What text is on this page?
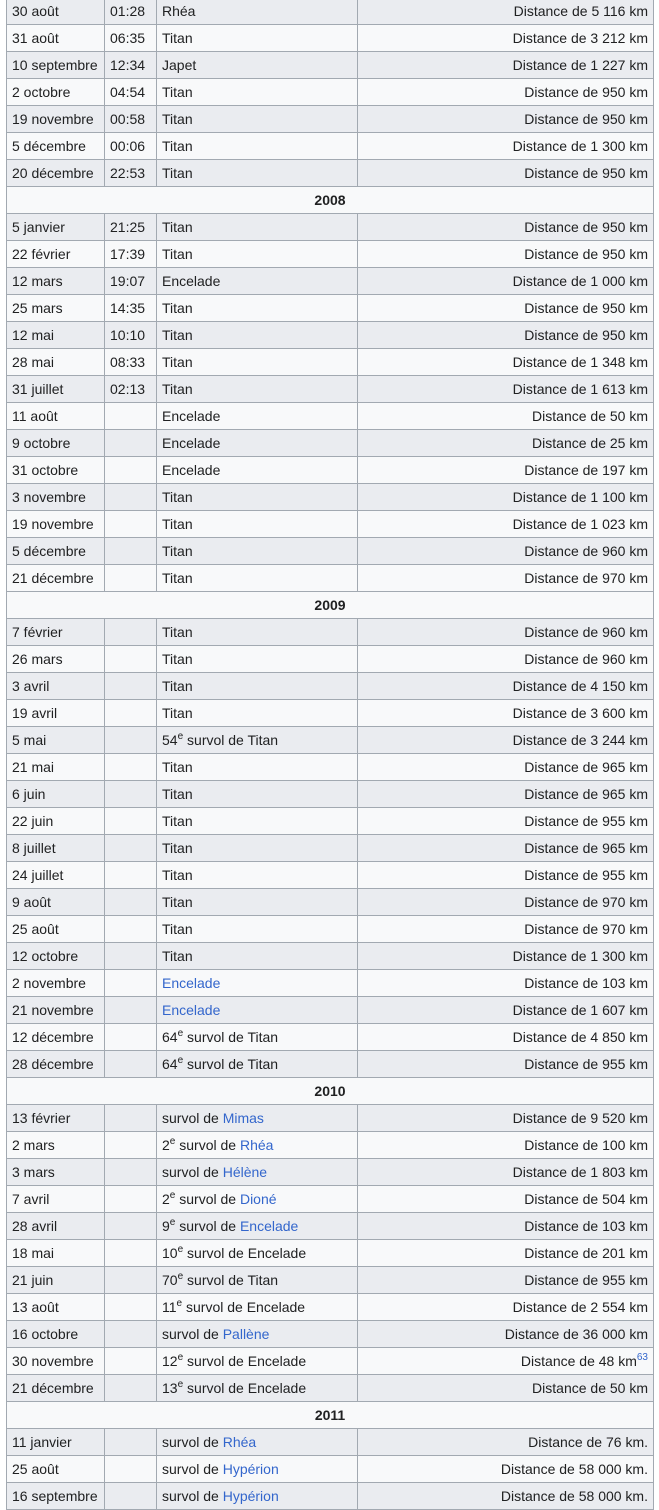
30 août	01:28	Rhéa	Distance de 5 116 km
31 août	06:35	Titan	Distance de 3 212 km
10 septembre	12:34	Japet	Distance de 1 227 km
2 octobre	04:54	Titan	Distance de 950 km
19 novembre	00:58	Titan	Distance de 950 km
5 décembre	00:06	Titan	Distance de 1 300 km
20 décembre	22:53	Titan	Distance de 950 km
2008			
5 janvier	21:25	Titan	Distance de 950 km
22 février	17:39	Titan	Distance de 950 km
12 mars	19:07	Encelade	Distance de 1 000 km
25 mars	14:35	Titan	Distance de 950 km
12 mai	10:10	Titan	Distance de 950 km
28 mai	08:33	Titan	Distance de 1 348 km
31 juillet	02:13	Titan	Distance de 1 613 km
11 août		Encelade	Distance de 50 km
9 octobre		Encelade	Distance de 25 km
31 octobre		Encelade	Distance de 197 km
3 novembre		Titan	Distance de 1 100 km
19 novembre		Titan	Distance de 1 023 km
5 décembre		Titan	Distance de 960 km
21 décembre		Titan	Distance de 970 km
2009			
7 février		Titan	Distance de 960 km
26 mars		Titan	Distance de 960 km
3 avril		Titan	Distance de 4 150 km
19 avril		Titan	Distance de 3 600 km
5 mai		54e survol de Titan	Distance de 3 244 km
21 mai		Titan	Distance de 965 km
6 juin		Titan	Distance de 965 km
22 juin		Titan	Distance de 955 km
8 juillet		Titan	Distance de 965 km
24 juillet		Titan	Distance de 955 km
9 août		Titan	Distance de 970 km
25 août		Titan	Distance de 970 km
12 octobre		Titan	Distance de 1 300 km
2 novembre		Encelade	Distance de 103 km
21 novembre		Encelade	Distance de 1 607 km
12 décembre		64e survol de Titan	Distance de 4 850 km
28 décembre		64e survol de Titan	Distance de 955 km
2010			
13 février		survol de Mimas	Distance de 9 520 km
2 mars		2e survol de Rhéa	Distance de 100 km
3 mars		survol de Hélène	Distance de 1 803 km
7 avril		2e survol de Dioné	Distance de 504 km
28 avril		9e survol de Encelade	Distance de 103 km
18 mai		10e survol de Encelade	Distance de 201 km
21 juin		70e survol de Titan	Distance de 955 km
13 août		11e survol de Encelade	Distance de 2 554 km
16 octobre		survol de Pallène	Distance de 36 000 km
30 novembre		12e survol de Encelade	Distance de 48 km$^{63}$
21 décembre		13e survol de Encelade	Distance de 50 km
2011			
11 janvier		survol de Rhéa	Distance de 76 km.
25 août		survol de Hypérion	Distance de 58 000 km.
16 septembre		survol de Hypérion	Distance de 58 000 km.
